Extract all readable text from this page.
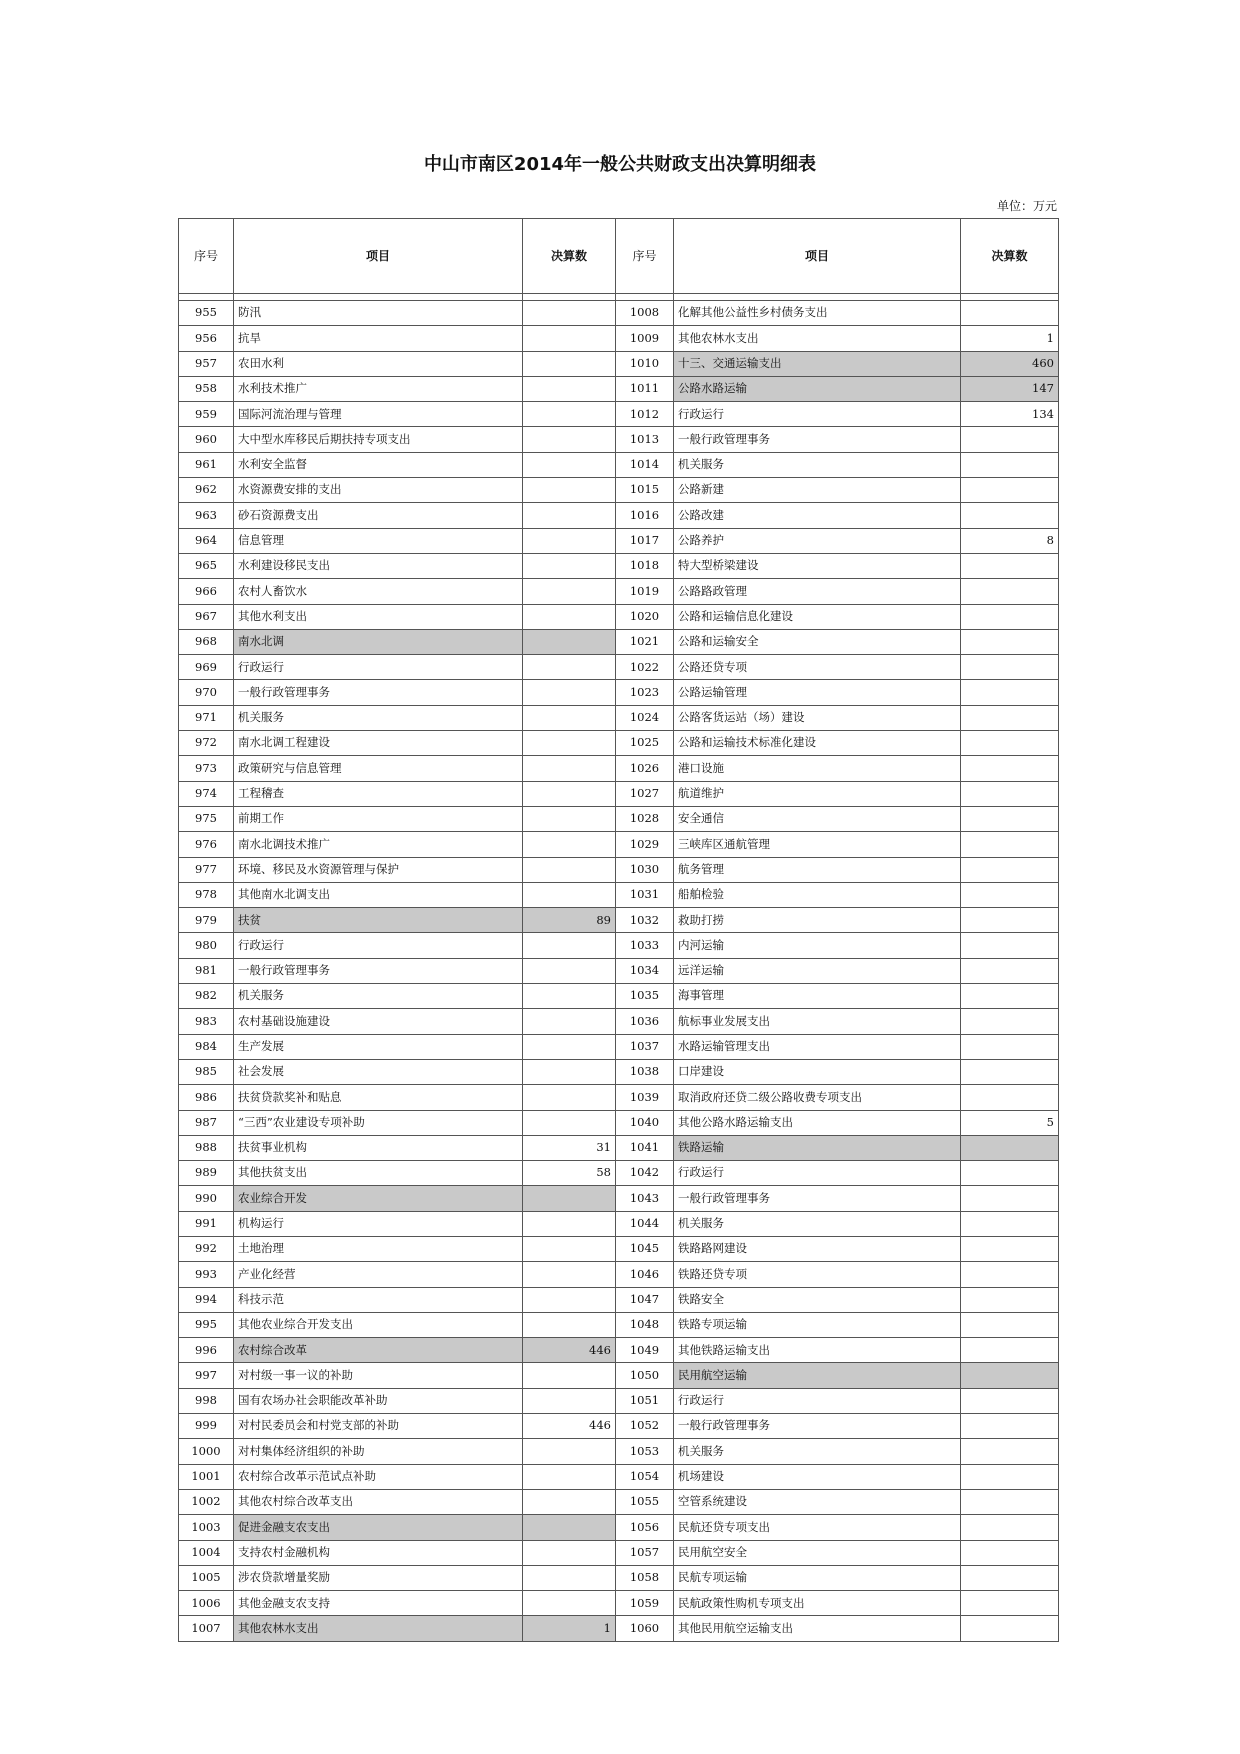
中山市南区2014年一般公共财政支出决算明细表
单位：万元
序号	项目	决算数	序号	项目	决算数

955	防汛		1008	化解其他公益性乡村债务支出	
956	抗旱		1009	其他农林水支出	1
957	农田水利		1010	十三、交通运输支出	460
958	水利技术推广		1011	公路水路运输	147
959	国际河流治理与管理		1012	行政运行	134
960	大中型水库移民后期扶持专项支出		1013	一般行政管理事务	
961	水利安全监督		1014	机关服务	
962	水资源费安排的支出		1015	公路新建	
963	砂石资源费支出		1016	公路改建	
964	信息管理		1017	公路养护	8
965	水利建设移民支出		1018	特大型桥梁建设	
966	农村人畜饮水		1019	公路路政管理	
967	其他水利支出		1020	公路和运输信息化建设	
968	南水北调		1021	公路和运输安全	
969	行政运行		1022	公路还贷专项	
970	一般行政管理事务		1023	公路运输管理	
971	机关服务		1024	公路客货运站（场）建设	
972	南水北调工程建设		1025	公路和运输技术标准化建设	
973	政策研究与信息管理		1026	港口设施	
974	工程稽查		1027	航道维护	
975	前期工作		1028	安全通信	
976	南水北调技术推广		1029	三峡库区通航管理	
977	环境、移民及水资源管理与保护		1030	航务管理	
978	其他南水北调支出		1031	船舶检验	
979	扶贫	89	1032	救助打捞	
980	行政运行		1033	内河运输	
981	一般行政管理事务		1034	远洋运输	
982	机关服务		1035	海事管理	
983	农村基础设施建设		1036	航标事业发展支出	
984	生产发展		1037	水路运输管理支出	
985	社会发展		1038	口岸建设	
986	扶贫贷款奖补和贴息		1039	取消政府还贷二级公路收费专项支出	
987	“三西”农业建设专项补助		1040	其他公路水路运输支出	5
988	扶贫事业机构	31	1041	铁路运输	
989	其他扶贫支出	58	1042	行政运行	
990	农业综合开发		1043	一般行政管理事务	
991	机构运行		1044	机关服务	
992	土地治理		1045	铁路路网建设	
993	产业化经营		1046	铁路还贷专项	
994	科技示范		1047	铁路安全	
995	其他农业综合开发支出		1048	铁路专项运输	
996	农村综合改革	446	1049	其他铁路运输支出	
997	对村级一事一议的补助		1050	民用航空运输	
998	国有农场办社会职能改革补助		1051	行政运行	
999	对村民委员会和村党支部的补助	446	1052	一般行政管理事务	
1000	对村集体经济组织的补助		1053	机关服务	
1001	农村综合改革示范试点补助		1054	机场建设	
1002	其他农村综合改革支出		1055	空管系统建设	
1003	促进金融支农支出		1056	民航还贷专项支出	
1004	支持农村金融机构		1057	民用航空安全	
1005	涉农贷款增量奖励		1058	民航专项运输	
1006	其他金融支农支持		1059	民航政策性购机专项支出	
1007	其他农林水支出	1	1060	其他民用航空运输支出	
